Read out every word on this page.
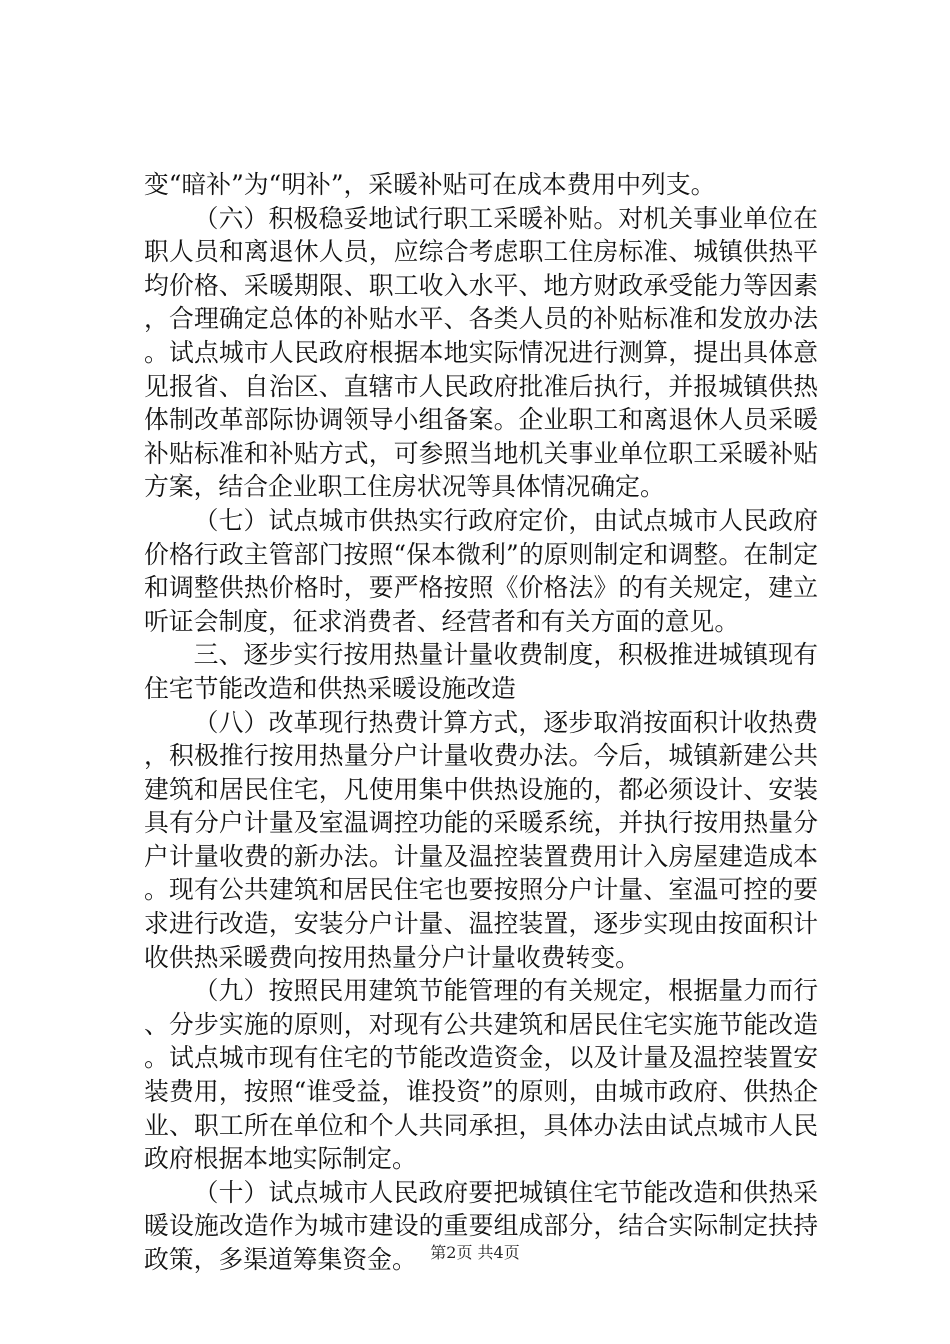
变“暗补”为“明补”，采暖补贴可在成本费用中列支。

（六）积极稳妥地试行职工采暖补贴。对机关事业单位在职人员和离退休人员，应综合考虑职工住房标准、城镇供热平均价格、采暖期限、职工收入水平、地方财政承受能力等因素，合理确定总体的补贴水平、各类人员的补贴标准和发放办法。试点城市人民政府根据本地实际情况进行测算，提出具体意见报省、自治区、直辖市人民政府批准后执行，并报城镇供热体制改革部际协调领导小组备案。企业职工和离退休人员采暖补贴标准和补贴方式，可参照当地机关事业单位职工采暖补贴方案，结合企业职工住房状况等具体情况确定。

（七）试点城市供热实行政府定价，由试点城市人民政府价格行政主管部门按照“保本微利”的原则制定和调整。在制定和调整供热价格时，要严格按照《价格法》的有关规定，建立听证会制度，征求消费者、经营者和有关方面的意见。

三、逐步实行按用热量计量收费制度，积极推进城镇现有住宅节能改造和供热采暖设施改造

（八）改革现行热费计算方式，逐步取消按面积计收热费，积极推行按用热量分户计量收费办法。今后，城镇新建公共建筑和居民住宅，凡使用集中供热设施的，都必须设计、安装具有分户计量及室温调控功能的采暖系统，并执行按用热量分户计量收费的新办法。计量及温控装置费用计入房屋建造成本。现有公共建筑和居民住宅也要按照分户计量、室温可控的要求进行改造，安装分户计量、温控装置，逐步实现由按面积计收供热采暖费向按用热量分户计量收费转变。

（九）按照民用建筑节能管理的有关规定，根据量力而行、分步实施的原则，对现有公共建筑和居民住宅实施节能改造。试点城市现有住宅的节能改造资金，以及计量及温控装置安装费用，按照“谁受益，谁投资”的原则，由城市政府、供热企业、职工所在单位和个人共同承担，具体办法由试点城市人民政府根据本地实际制定。

（十）试点城市人民政府要把城镇住宅节能改造和供热采暖设施改造作为城市建设的重要组成部分，结合实际制定扶持政策，多渠道筹集资金。 第2页 共4页
